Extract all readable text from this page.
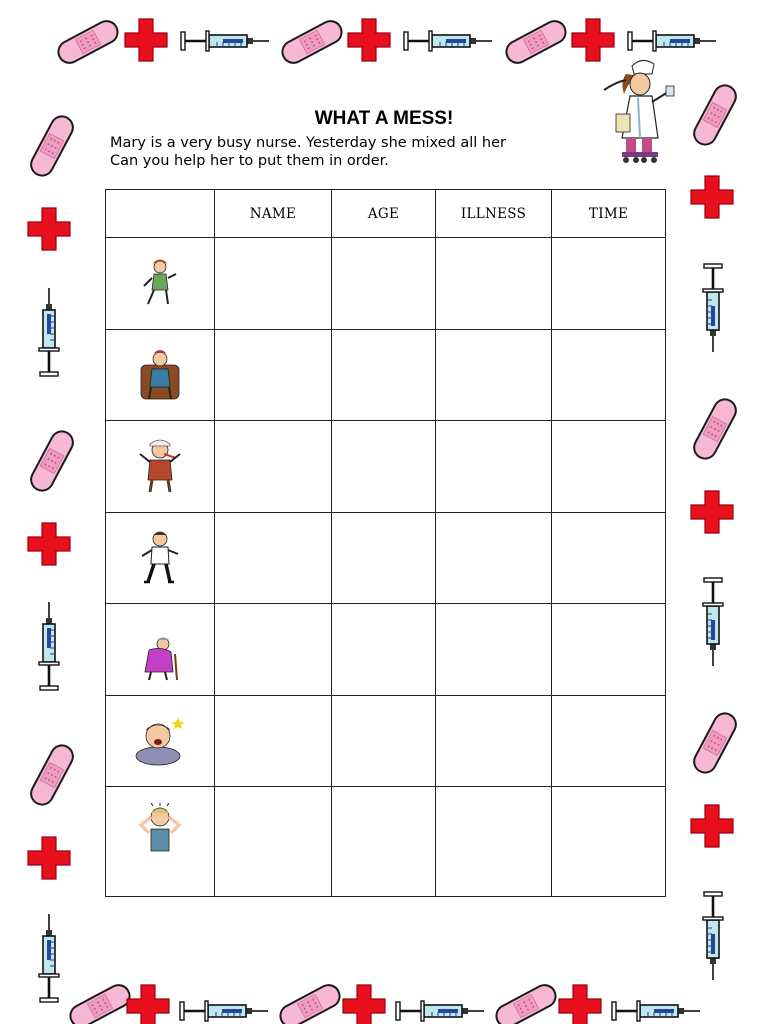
WHAT A MESS!
Mary is a very busy nurse. Yesterday she mixed all her
Can you help her to put them in order.
	NAME	AGE	ILLNESS	TIME
